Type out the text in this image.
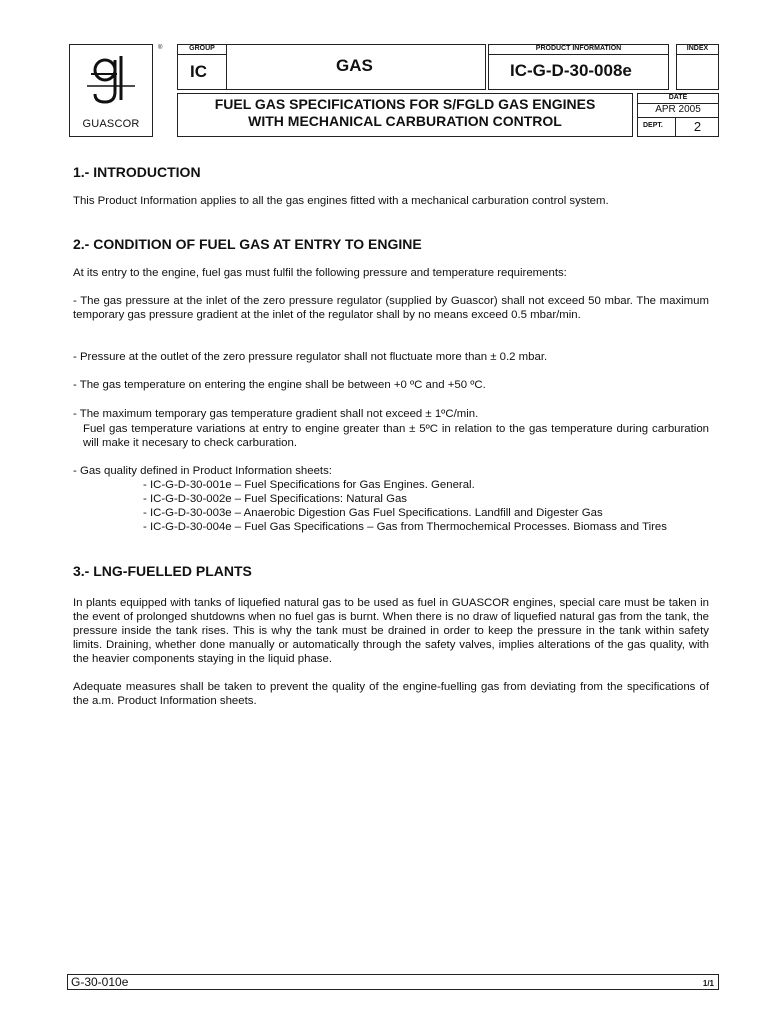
®
GUASCOR
GROUP
IC	GAS
PRODUCT INFORMATION
IC-G-D-30-008e
INDEX
FUEL GAS SPECIFICATIONS FOR S/FGLD GAS ENGINES
WITH MECHANICAL CARBURATION CONTROL
DATE
APR 2005
DEPT.	2
1.- INTRODUCTION

This Product Information applies to all the gas engines fitted with a mechanical carburation control system.

2.- CONDITION OF FUEL GAS AT ENTRY TO ENGINE

At its entry to the engine, fuel gas must fulfil the following pressure and temperature requirements:

- The gas pressure at the inlet of the zero pressure regulator (supplied by Guascor) shall not exceed 50 mbar. The maximum temporary gas pressure gradient at the inlet of the regulator shall by no means exceed 0.5 mbar/min.

- Pressure at the outlet of the zero pressure regulator shall not fluctuate more than ± 0.2 mbar.

- The gas temperature on entering the engine shall be between +0 ºC and +50 ºC.

- The maximum temporary gas temperature gradient shall not exceed ± 1ºC/min.

Fuel gas temperature variations at entry to engine greater than ± 5ºC in relation to the gas temperature during carburation will make it necesary to check carburation.

- Gas quality defined in Product Information sheets:
- IC-G-D-30-001e – Fuel Specifications for Gas Engines. General.
- IC-G-D-30-002e – Fuel Specifications: Natural Gas
- IC-G-D-30-003e – Anaerobic Digestion Gas Fuel Specifications. Landfill and Digester Gas
- IC-G-D-30-004e – Fuel Gas Specifications – Gas from Thermochemical Processes. Biomass and Tires
3.- LNG-FUELLED PLANTS

In plants equipped with tanks of liquefied natural gas to be used as fuel in GUASCOR engines, special care must be taken in the event of prolonged shutdowns when no fuel gas is burnt. When there is no draw of liquefied natural gas from the tank, the pressure inside the tank rises. This is why the tank must be drained in order to keep the pressure in the tank within safety limits. Draining, whether done manually or automatically through the safety valves, implies alterations of the gas quality, with the heavier components staying in the liquid phase.

Adequate measures shall be taken to prevent the quality of the engine-fuelling gas from deviating from the specifications of the a.m. Product Information sheets.

G-30-010e	1/1
